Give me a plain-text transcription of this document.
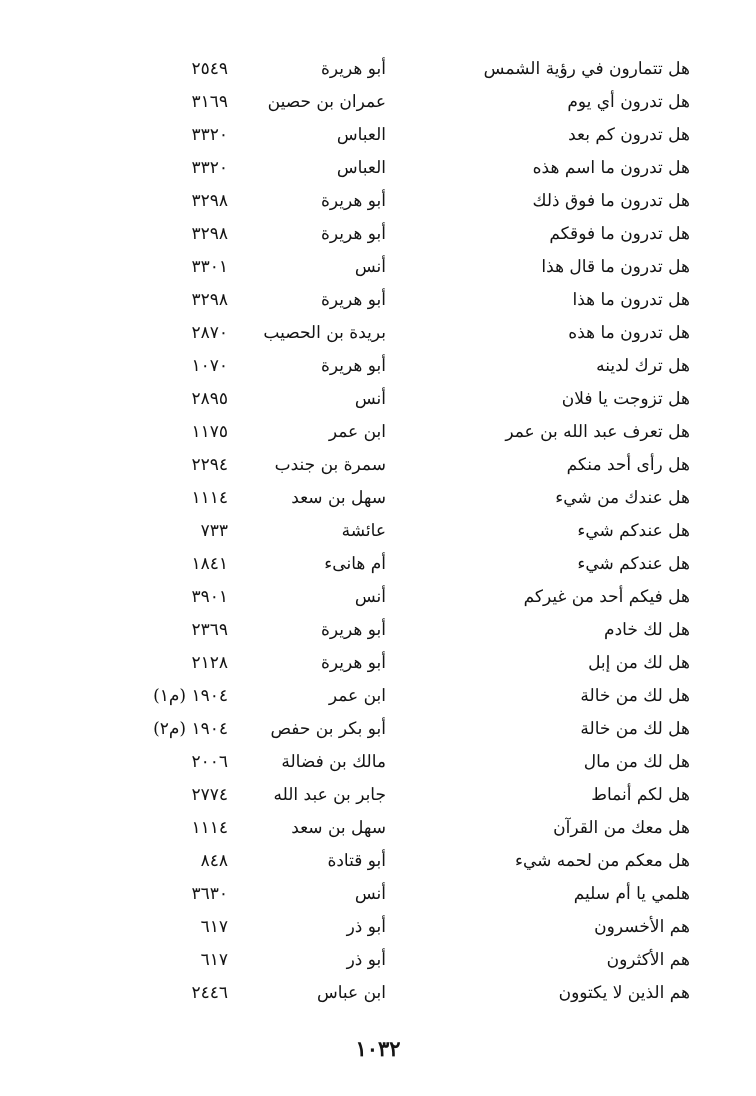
هل تتمارون في رؤية الشمس
أبو هريرة
٢٥٤٩
هل تدرون أي يوم
عمران بن حصين
٣١٦٩
هل تدرون كم بعد
العباس
٣٣٢٠
هل تدرون ما اسم هذه
العباس
٣٣٢٠
هل تدرون ما فوق ذلك
أبو هريرة
٣٢٩٨
هل تدرون ما فوقكم
أبو هريرة
٣٢٩٨
هل تدرون ما قال هذا
أنس
٣٣٠١
هل تدرون ما هذا
أبو هريرة
٣٢٩٨
هل تدرون ما هذه
بريدة بن الحصيب
٢٨٧٠
هل ترك لدينه
أبو هريرة
١٠٧٠
هل تزوجت يا فلان
أنس
٢٨٩٥
هل تعرف عبد الله بن عمر
ابن عمر
١١٧٥
هل رأى أحد منكم
سمرة بن جندب
٢٢٩٤
هل عندك من شيء
سهل بن سعد
١١١٤
هل عندكم شيء
عائشة
٧٣٣
هل عندكم شيء
أم هانىء
١٨٤١
هل فيكم أحد من غيركم
أنس
٣٩٠١
هل لك خادم
أبو هريرة
٢٣٦٩
هل لك من إبل
أبو هريرة
٢١٢٨
هل لك من خالة
ابن عمر
١٩٠٤ (م١)
هل لك من خالة
أبو بكر بن حفص
١٩٠٤ (م٢)
هل لك من مال
مالك بن فضالة
٢٠٠٦
هل لكم أنماط
جابر بن عبد الله
٢٧٧٤
هل معك من القرآن
سهل بن سعد
١١١٤
هل معكم من لحمه شيء
أبو قتادة
٨٤٨
هلمي يا أم سليم
أنس
٣٦٣٠
هم الأخسرون
أبو ذر
٦١٧
هم الأكثرون
أبو ذر
٦١٧
هم الذين لا يكتوون
ابن عباس
٢٤٤٦
١٠٣٢
